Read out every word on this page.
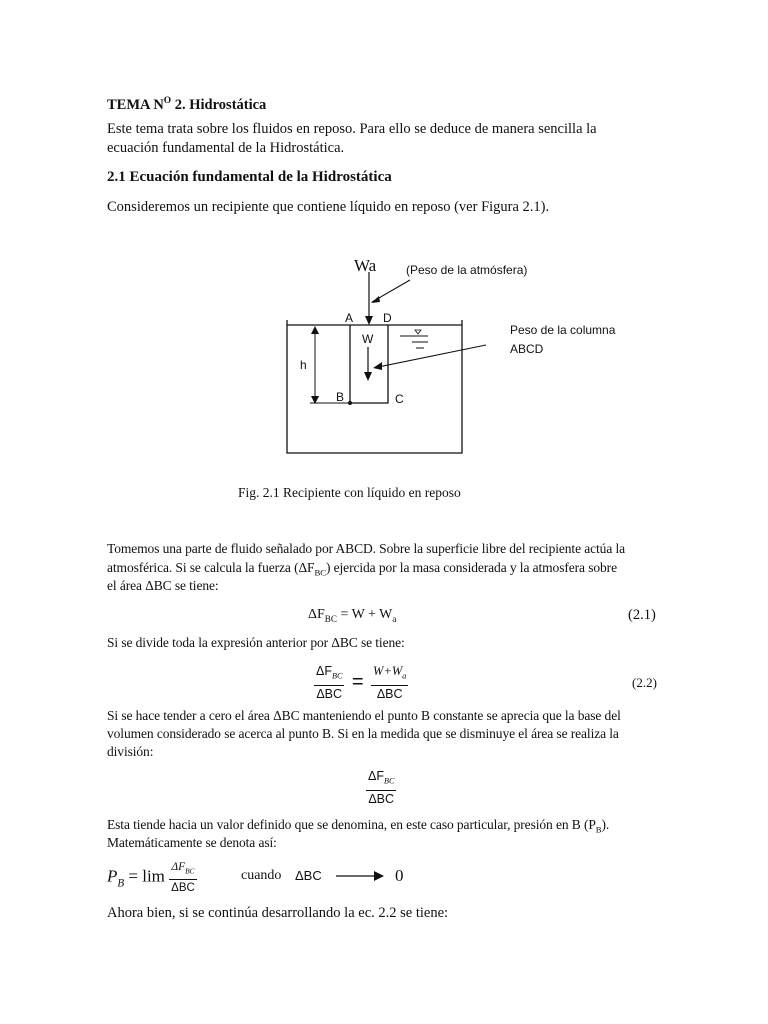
TEMA $N^O$ 2. Hidrostática
Este tema trata sobre los fluidos en reposo. Para ello se deduce de manera sencilla la
ecuación fundamental de la Hidrostática.
2.1 Ecuación fundamental de la Hidrostática
Consideremos un recipiente que contiene líquido en reposo (ver Figura 2.1).
Wa (Peso de la atmósfera)
A D
W
h
B	C
Peso de la columna
ABCD
Fig. 2.1 Recipiente con líquido en reposo
Tomemos una parte de fluido señalado por ABCD. Sobre la superficie libre del recipiente actúa la
atmosférica. Si se calcula la fuerza $(\Delta F_{BC})$ ejercida por la masa considerada y la atmosfera sobre
el área ΔBC se tiene:
$\Delta F_{BC} = W + W_a$	(2.1)
Si se divide toda la expresión anterior por ΔBC se tiene:
$\frac{\Delta F_{BC}}{\text{ΔBC}} = \frac{W+W_a}{\text{ΔBC}}$	(2.2)
Si se hace tender a cero el área ΔBC manteniendo el punto B constante se aprecia que la base del
volumen considerado se acerca al punto B. Si en la medida que se disminuye el área se realiza la
división:
$\frac{\Delta F_{BC}}{\text{ΔBC}}$
Esta tiende hacia un valor definido que se denomina, en este caso particular, presión en B $(P_B)$.
Matemáticamente se denota así:
$P_B = \lim \frac{\Delta F_{BC}}{\text{ΔBC}}$	cuando ΔBC	0
Ahora bien, si se continúa desarrollando la ec. 2.2 se tiene:
